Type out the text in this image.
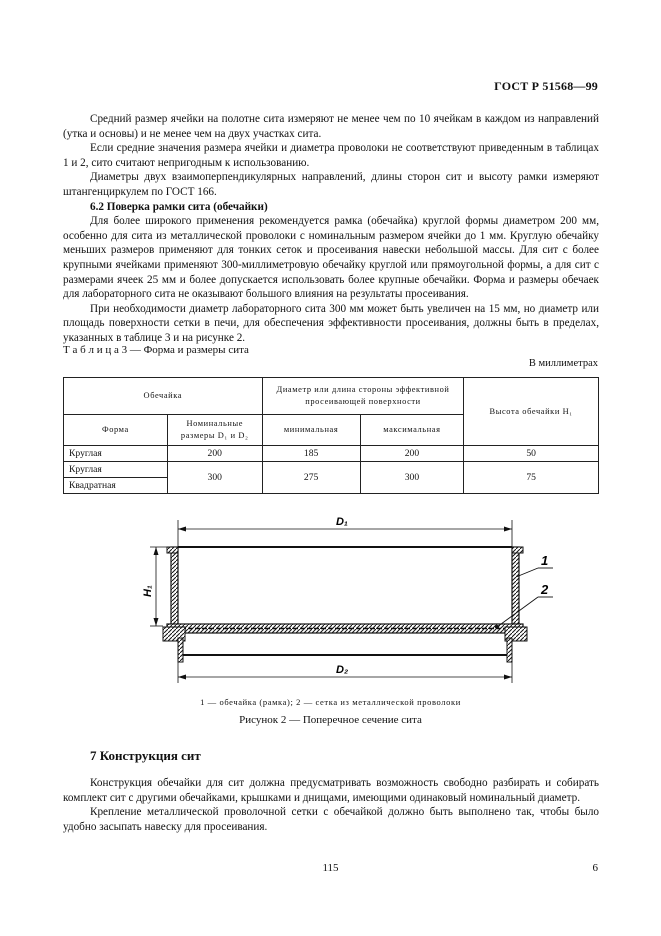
ГОСТ Р 51568—99

Средний размер ячейки на полотне сита измеряют не менее чем по 10 ячейкам в каждом из направлений (утка и основы) и не менее чем на двух участках сита.

Если средние значения размера ячейки и диаметра проволоки не соответствуют приведенным в таблицах 1 и 2, сито считают непригодным к использованию.

Диаметры двух взаимоперпендикулярных направлений, длины сторон сит и высоту рамки измеряют штангенциркулем по ГОСТ 166.

6.2 Поверка рамки сита (обечайки)

Для более широкого применения рекомендуется рамка (обечайка) круглой формы диаметром 200 мм, особенно для сита из металлической проволоки с номинальным размером ячейки до 1 мм. Круглую обечайку меньших размеров применяют для тонких сеток и просеивания навески небольшой массы. Для сит с более крупными ячейками применяют 300-миллиметровую обечайку круглой или прямоугольной формы, а для сит с размерами ячеек 25 мм и более допускается использовать более крупные обечайки. Форма и размеры обечаек для лабораторного сита не оказывают большого влияния на результаты просеивания.

При необходимости диаметр лабораторного сита 300 мм может быть увеличен на 15 мм, но диаметр или площадь поверхности сетки в печи, для обеспечения эффективности просеивания, должны быть в пределах, указанных в таблице 3 и на рисунке 2.

Т а б л и ц а 3 — Форма и размеры сита
В миллиметрах
Обечайка		Диаметр или длина стороны эффективной просеивающей поверхности		Высота обечайки H₁
Форма	Номинальные размеры D₁ и D₂	минимальная	максимальная	
Круглая	200	185	200	50
Круглая	300	275	300	75
Квадратная				
D₁
H₁
D₂
1
2
1 — обечайка (рамка); 2 — сетка из металлической проволоки
Рисунок 2 — Поперечное сечение сита
7 Конструкция сит

Конструкция обечайки для сит должна предусматривать возможность свободно разбирать и собирать комплект сит с другими обечайками, крышками и днищами, имеющими одинаковый номинальный диаметр.

Крепление металлической проволочной сетки с обечайкой должно быть выполнено так, чтобы было удобно засыпать навеску для просеивания.

115	6
